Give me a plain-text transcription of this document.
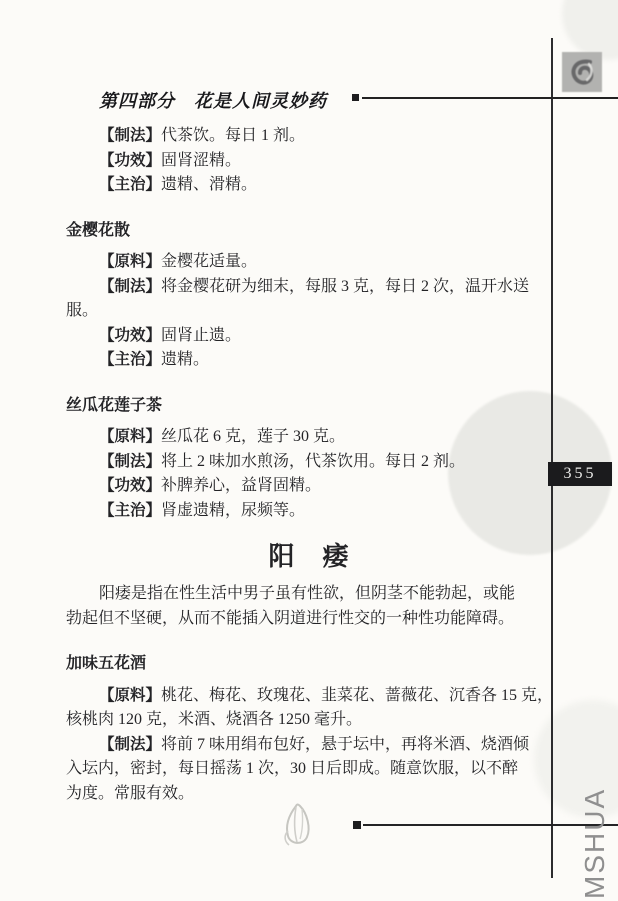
第四部分　花是人间灵妙药
355
【制法】代茶饮。每日 1 剂。
【功效】固肾涩精。
【主治】遗精、滑精。
金樱花散
【原料】金樱花适量。
【制法】将金樱花研为细末，每服 3 克，每日 2 次，温开水送
服。
【功效】固肾止遗。
【主治】遗精。
丝瓜花莲子茶
【原料】丝瓜花 6 克，莲子 30 克。
【制法】将上 2 味加水煎汤，代茶饮用。每日 2 剂。
【功效】补脾养心，益肾固精。
【主治】肾虚遗精，尿频等。
阳　痿
阳痿是指在性生活中男子虽有性欲，但阴茎不能勃起，或能
勃起但不坚硬，从而不能插入阴道进行性交的一种性功能障碍。
加味五花酒
【原料】桃花、梅花、玫瑰花、韭菜花、蔷薇花、沉香各 15 克，
核桃肉 120 克，米酒、烧酒各 1250 毫升。
【制法】将前 7 味用绢布包好，悬于坛中，再将米酒、烧酒倾
入坛内，密封，每日摇荡 1 次，30 日后即成。随意饮服，以不醉
为度。常服有效。	MSHUA
